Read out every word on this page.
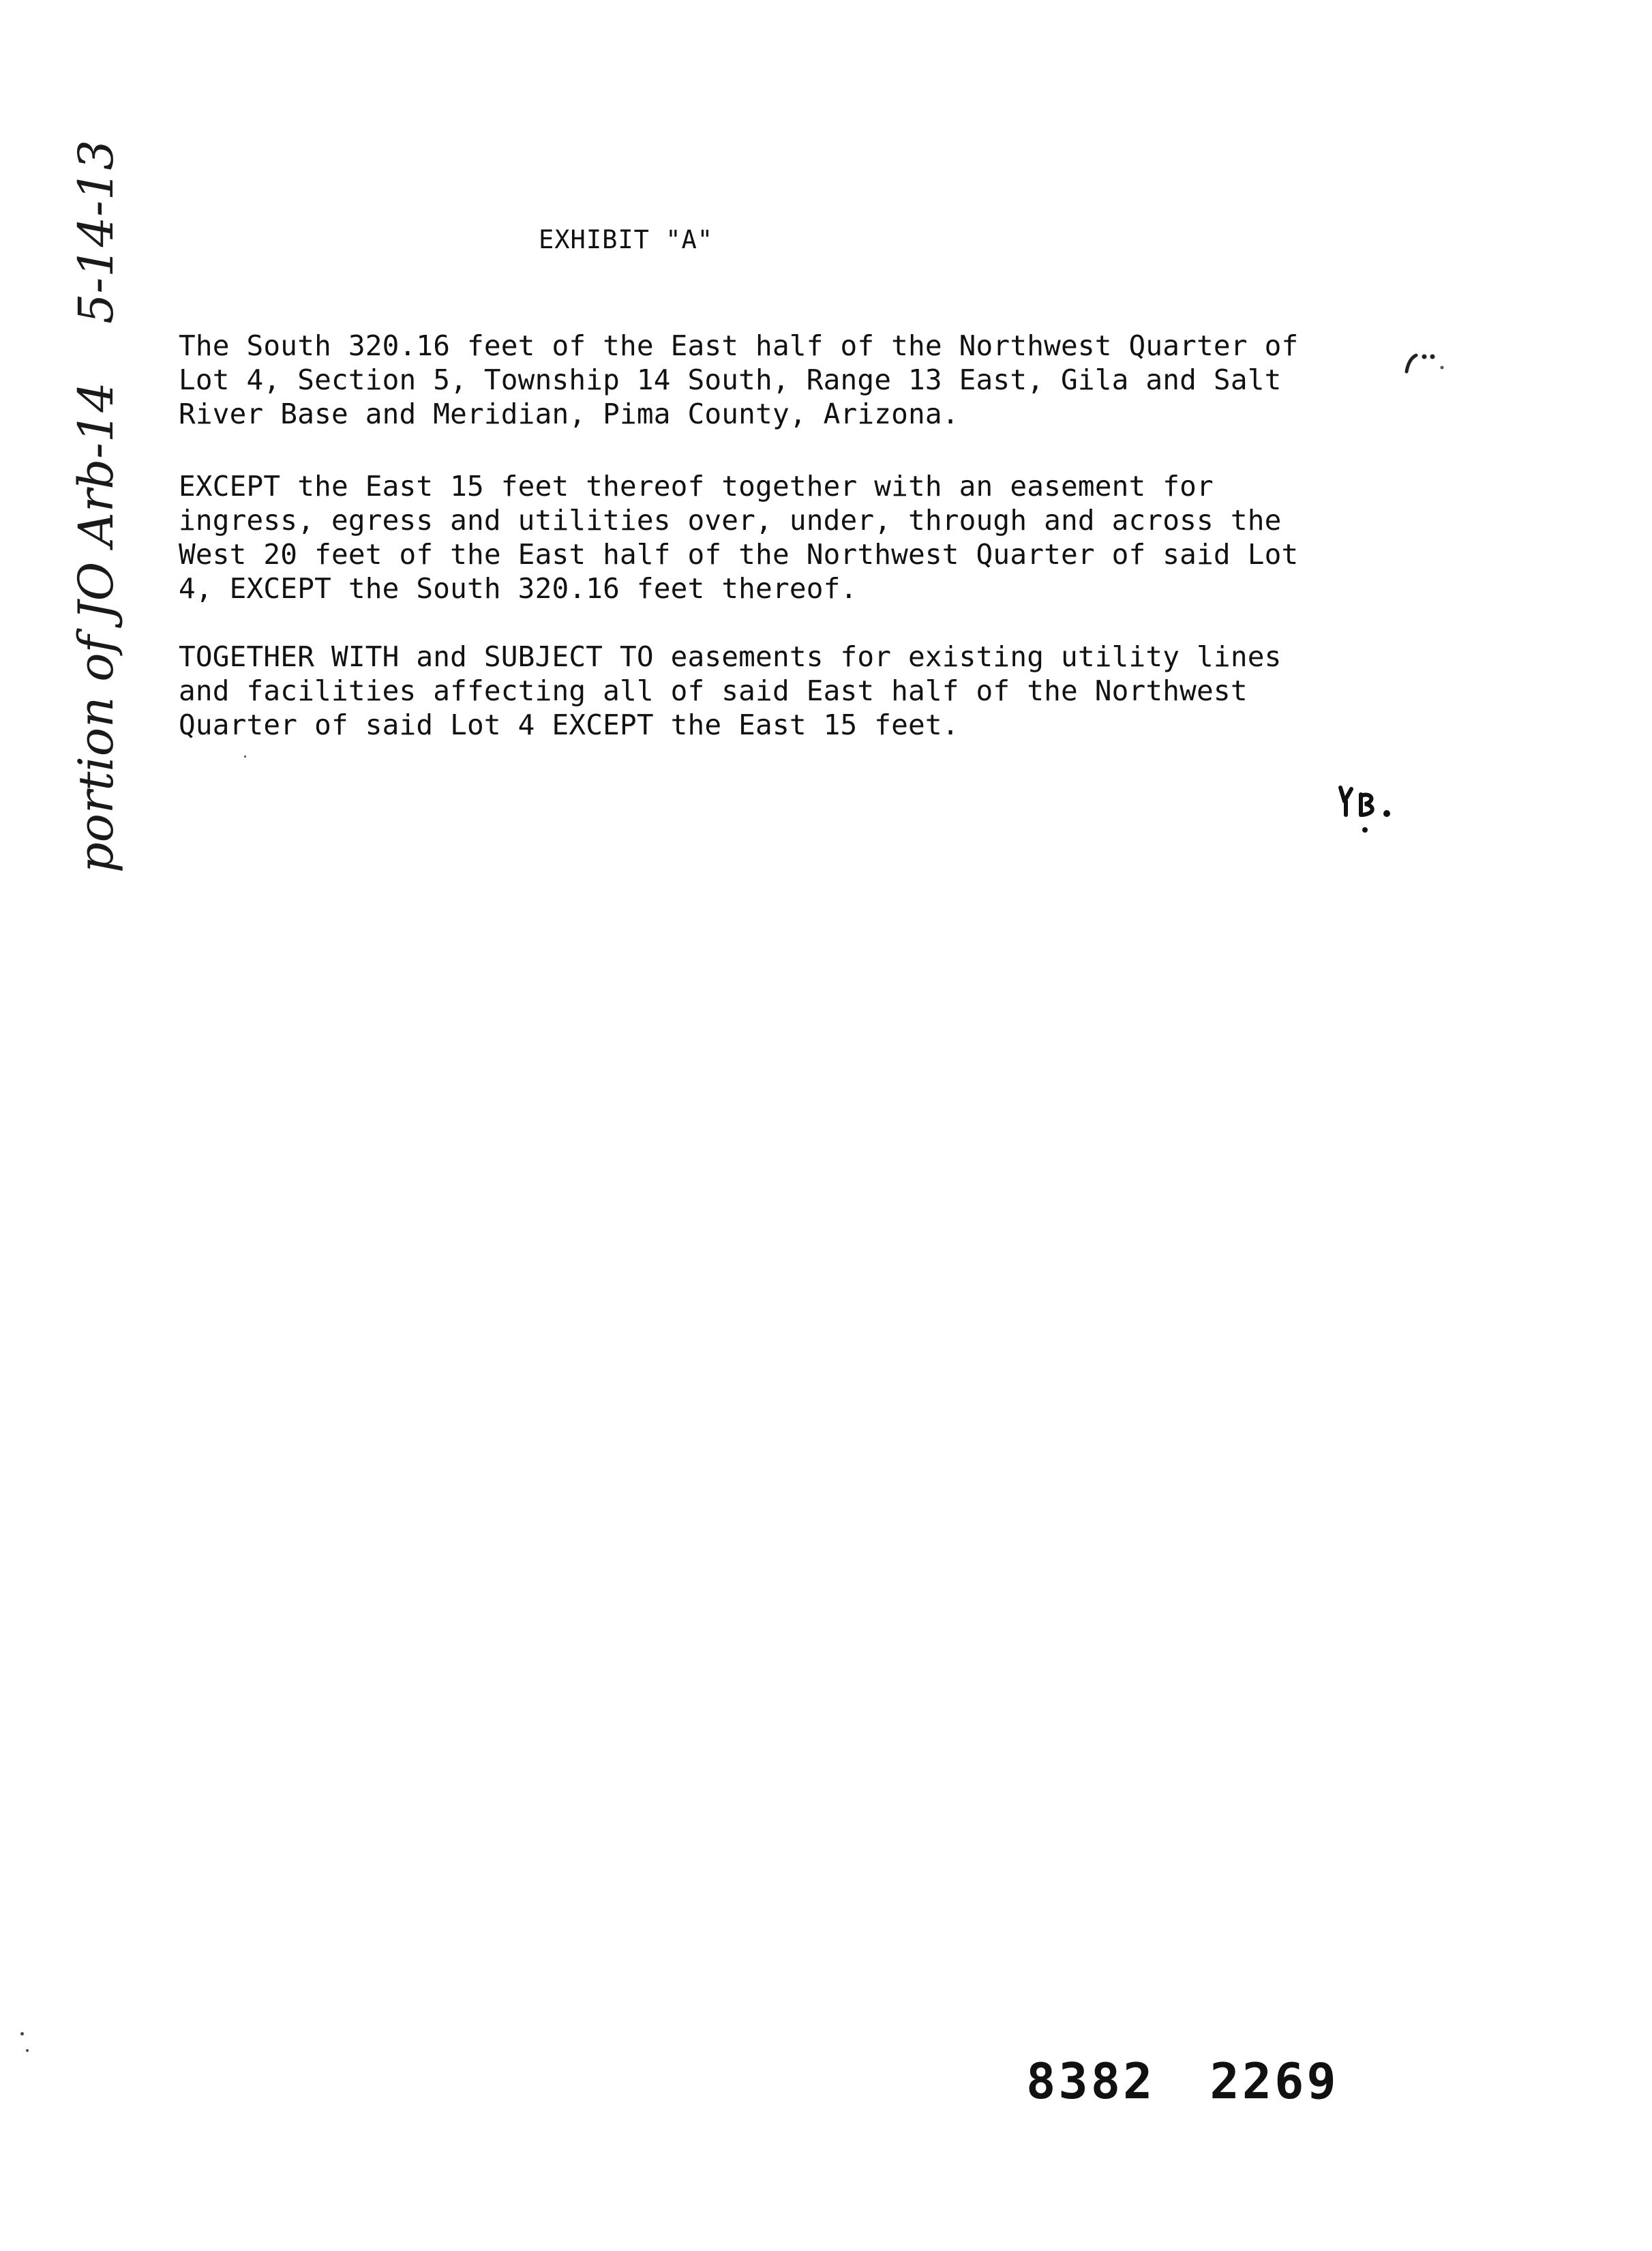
5-14-13
portion of JO Arb-14
EXHIBIT "A"
The South 320.16 feet of the East half of the Northwest Quarter of
Lot 4, Section 5, Township 14 South, Range 13 East, Gila and Salt
River Base and Meridian, Pima County, Arizona.
EXCEPT the East 15 feet thereof together with an easement for
ingress, egress and utilities over, under, through and across the
West 20 feet of the East half of the Northwest Quarter of said Lot
4, EXCEPT the South 320.16 feet thereof.
TOGETHER WITH and SUBJECT TO easements for existing utility lines
and facilities affecting all of said East half of the Northwest
Quarter of said Lot 4 EXCEPT the East 15 feet.
8382 2269
